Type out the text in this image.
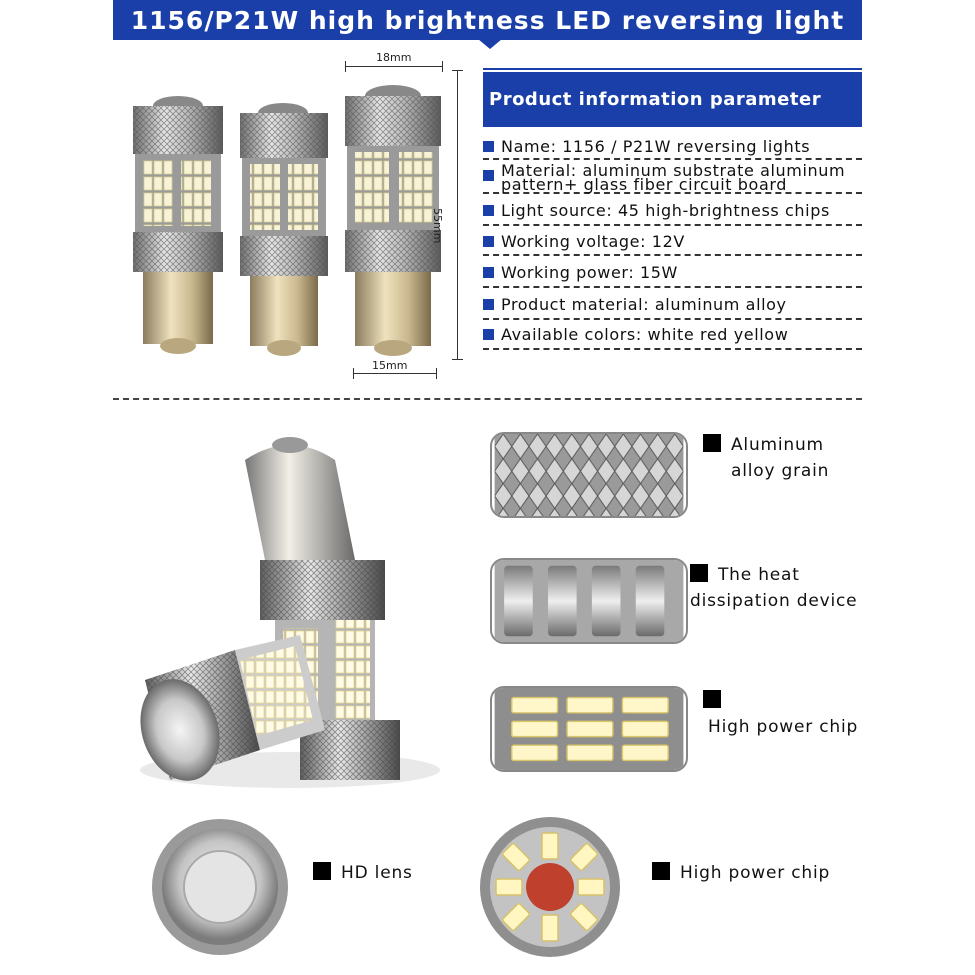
1156/P21W high brightness LED reversing light
18mm
55mm
15mm
Product information parameter
Name: 1156 / P21W reversing lights
Material: aluminum substrate aluminum
pattern+ glass fiber circuit board
Light source: 45 high-brightness chips
Working voltage: 12V
Working power: 15W
Product material: aluminum alloy
Available colors: white red yellow
Aluminum
alloy grain
The heat
dissipation device
High power chip
HD lens	High power chip
